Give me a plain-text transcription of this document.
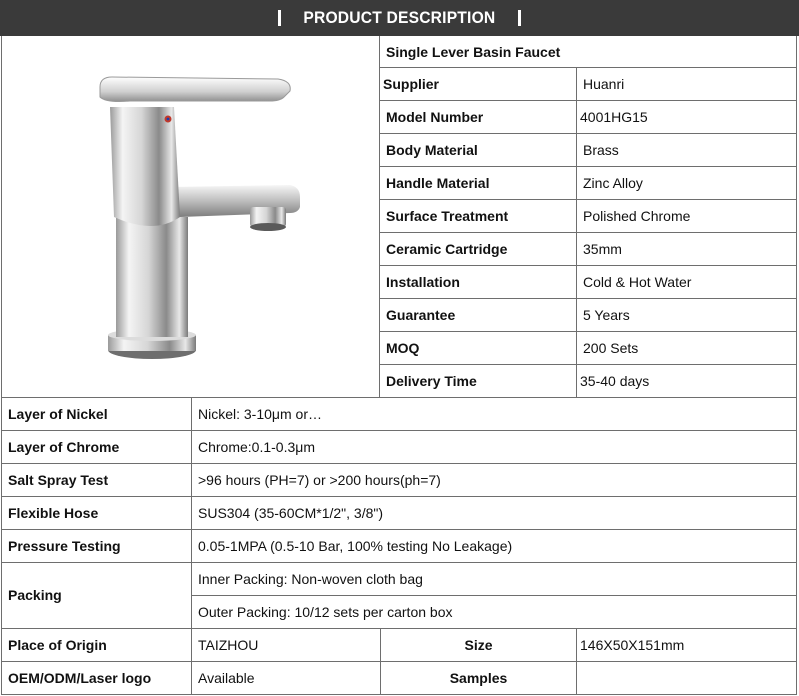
PRODUCT DESCRIPTION
Single Lever Basin Faucet
Supplier	Huanri
Model Number	4001HG15
Body Material	Brass
Handle Material	Zinc Alloy
Surface Treatment	Polished Chrome
Ceramic Cartridge	35mm
Installation	Cold & Hot Water
Guarantee	5 Years
MOQ	200 Sets
Delivery Time	35-40 days
Layer of Nickel	Nickel: 3-10μm or…
Layer of Chrome	Chrome:0.1-0.3μm
Salt Spray Test	>96 hours (PH=7) or >200 hours(ph=7)
Flexible Hose	SUS304 (35-60CM*1/2", 3/8")
Pressure Testing	0.05-1MPA (0.5-10 Bar, 100% testing No Leakage)
Packing
Inner Packing: Non-woven cloth bag
Outer Packing: 10/12 sets per carton box
Place of Origin	TAIZHOU	Size	146X50X151mm
OEM/ODM/Laser logo	Available	Samples
